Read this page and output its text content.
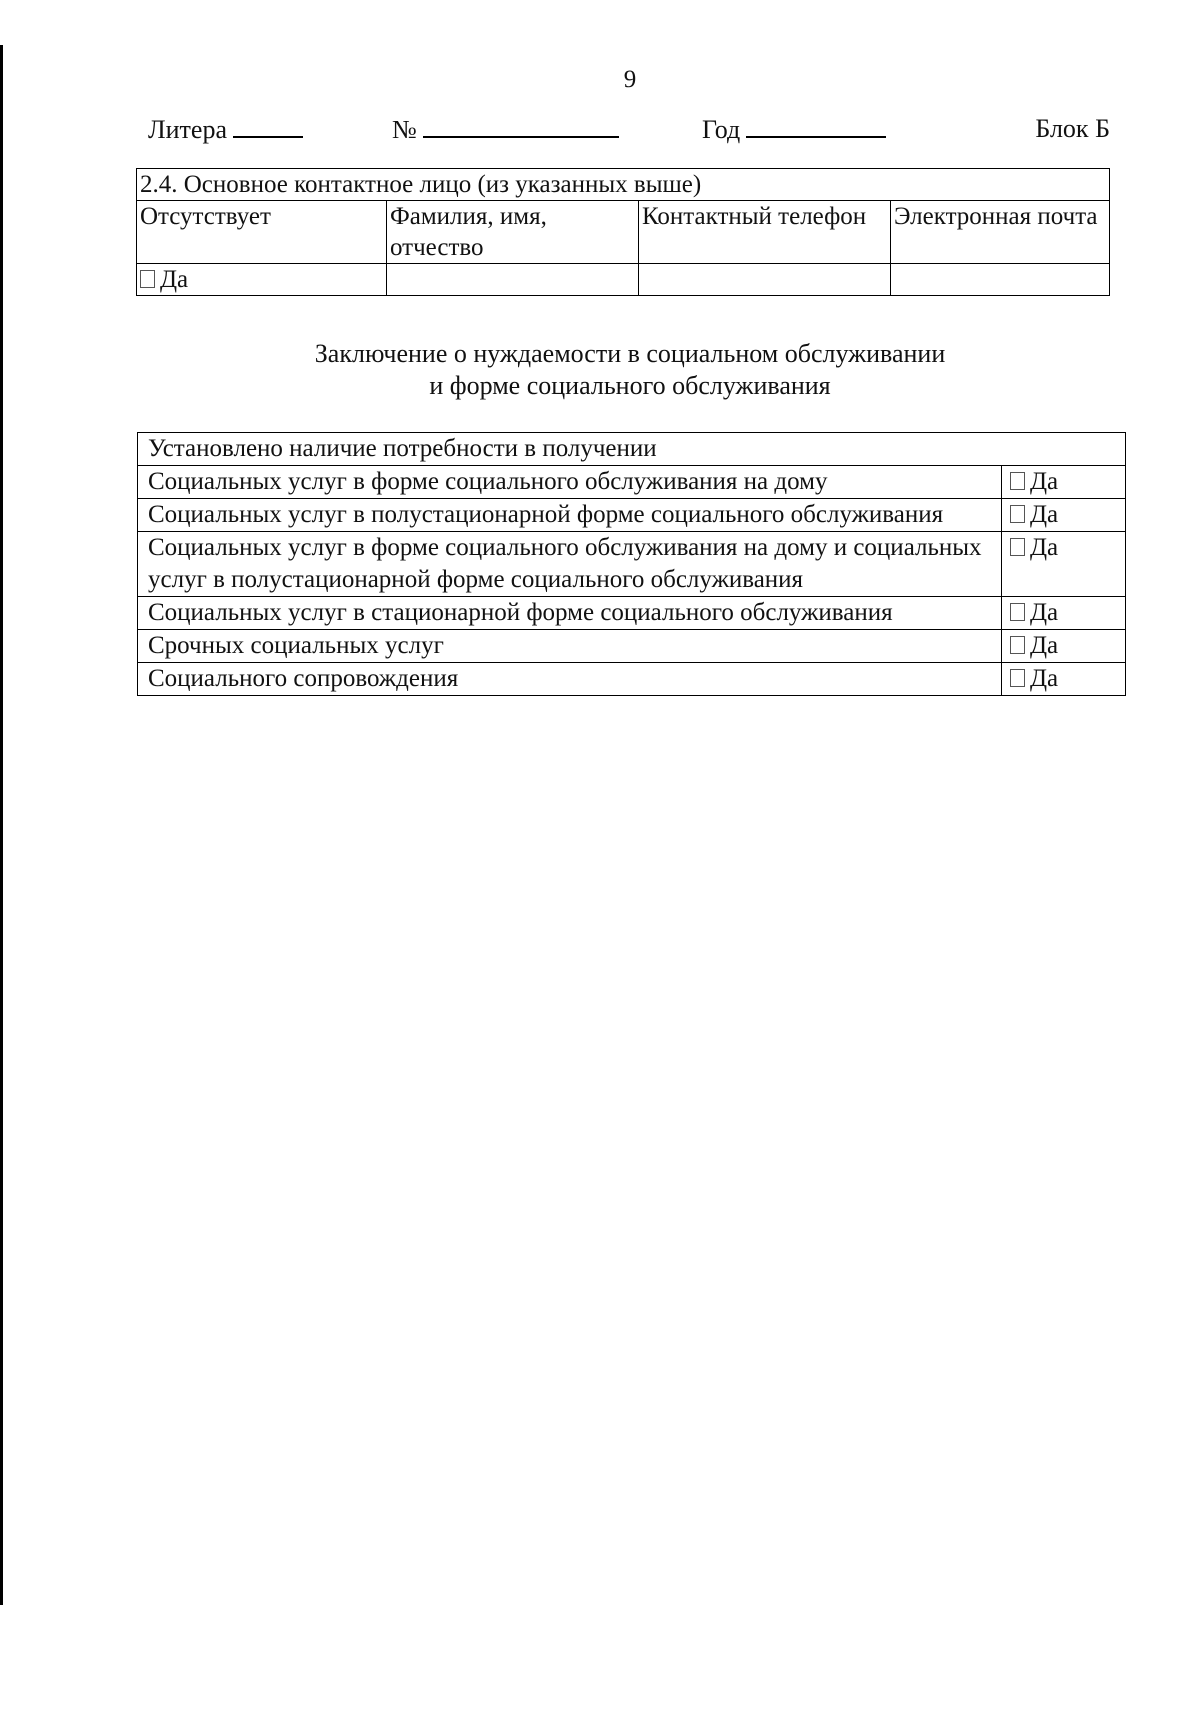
9
Литера	№	Год	Блок Б
2.4. Основное контактное лицо (из указанных выше)			
Отсутствует	Фамилия, имя, отчество	Контактный телефон	Электронная почта
Да			
Заключение о нуждаемости в социальном обслуживании
и форме социального обслуживания
Установлено наличие потребности в получении	
Социальных услуг в форме социального обслуживания на дому	Да
Социальных услуг в полустационарной форме социального обслуживания	Да
Социальных услуг в форме социального обслуживания на дому и социальных услуг в полустационарной форме социального обслуживания	Да
Социальных услуг в стационарной форме социального обслуживания	Да
Срочных социальных услуг	Да
Социального сопровождения	Да
